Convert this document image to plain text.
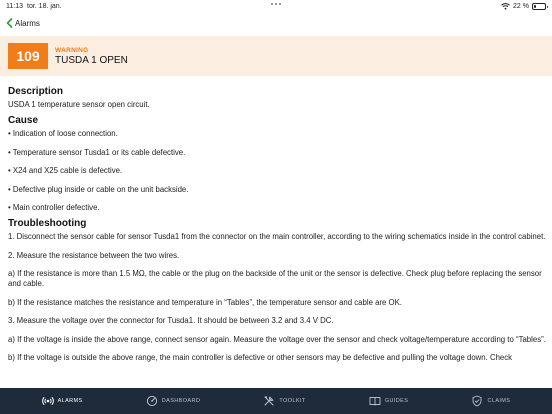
11:13 tor. 18. jan.	22 %
Alarms
109	WARNING
TUSDA 1 OPEN
Description

USDA 1 temperature sensor open circuit.

Cause

• Indication of loose connection.

• Temperature sensor Tusda1 or its cable defective.

• X24 and X25 cable is defective.

• Defective plug inside or cable on the unit backside.

• Main controller defective.

Troubleshooting

1. Disconnect the sensor cable for sensor Tusda1 from the connector on the main controller, according to the wiring schematics inside in the control cabinet.

2. Measure the resistance between the two wires.

a) If the resistance is more than 1.5 MΩ, the cable or the plug on the backside of the unit or the sensor is defective. Check plug before replacing the sensor and cable.

b) If the resistance matches the resistance and temperature in “Tables”, the temperature sensor and cable are OK.

3. Measure the voltage over the connector for Tusda1. It should be between 3.2 and 3.4 V DC.

a) If the voltage is inside the above range, connect sensor again. Measure the voltage over the sensor and check voltage/temperature according to “Tables”.

b) If the voltage is outside the above range, the main controller is defective or other sensors may be defective and pulling the voltage down. Check

ALARMS	DASHBOARD	TOOLKIT	GUIDES	CLAIMS
